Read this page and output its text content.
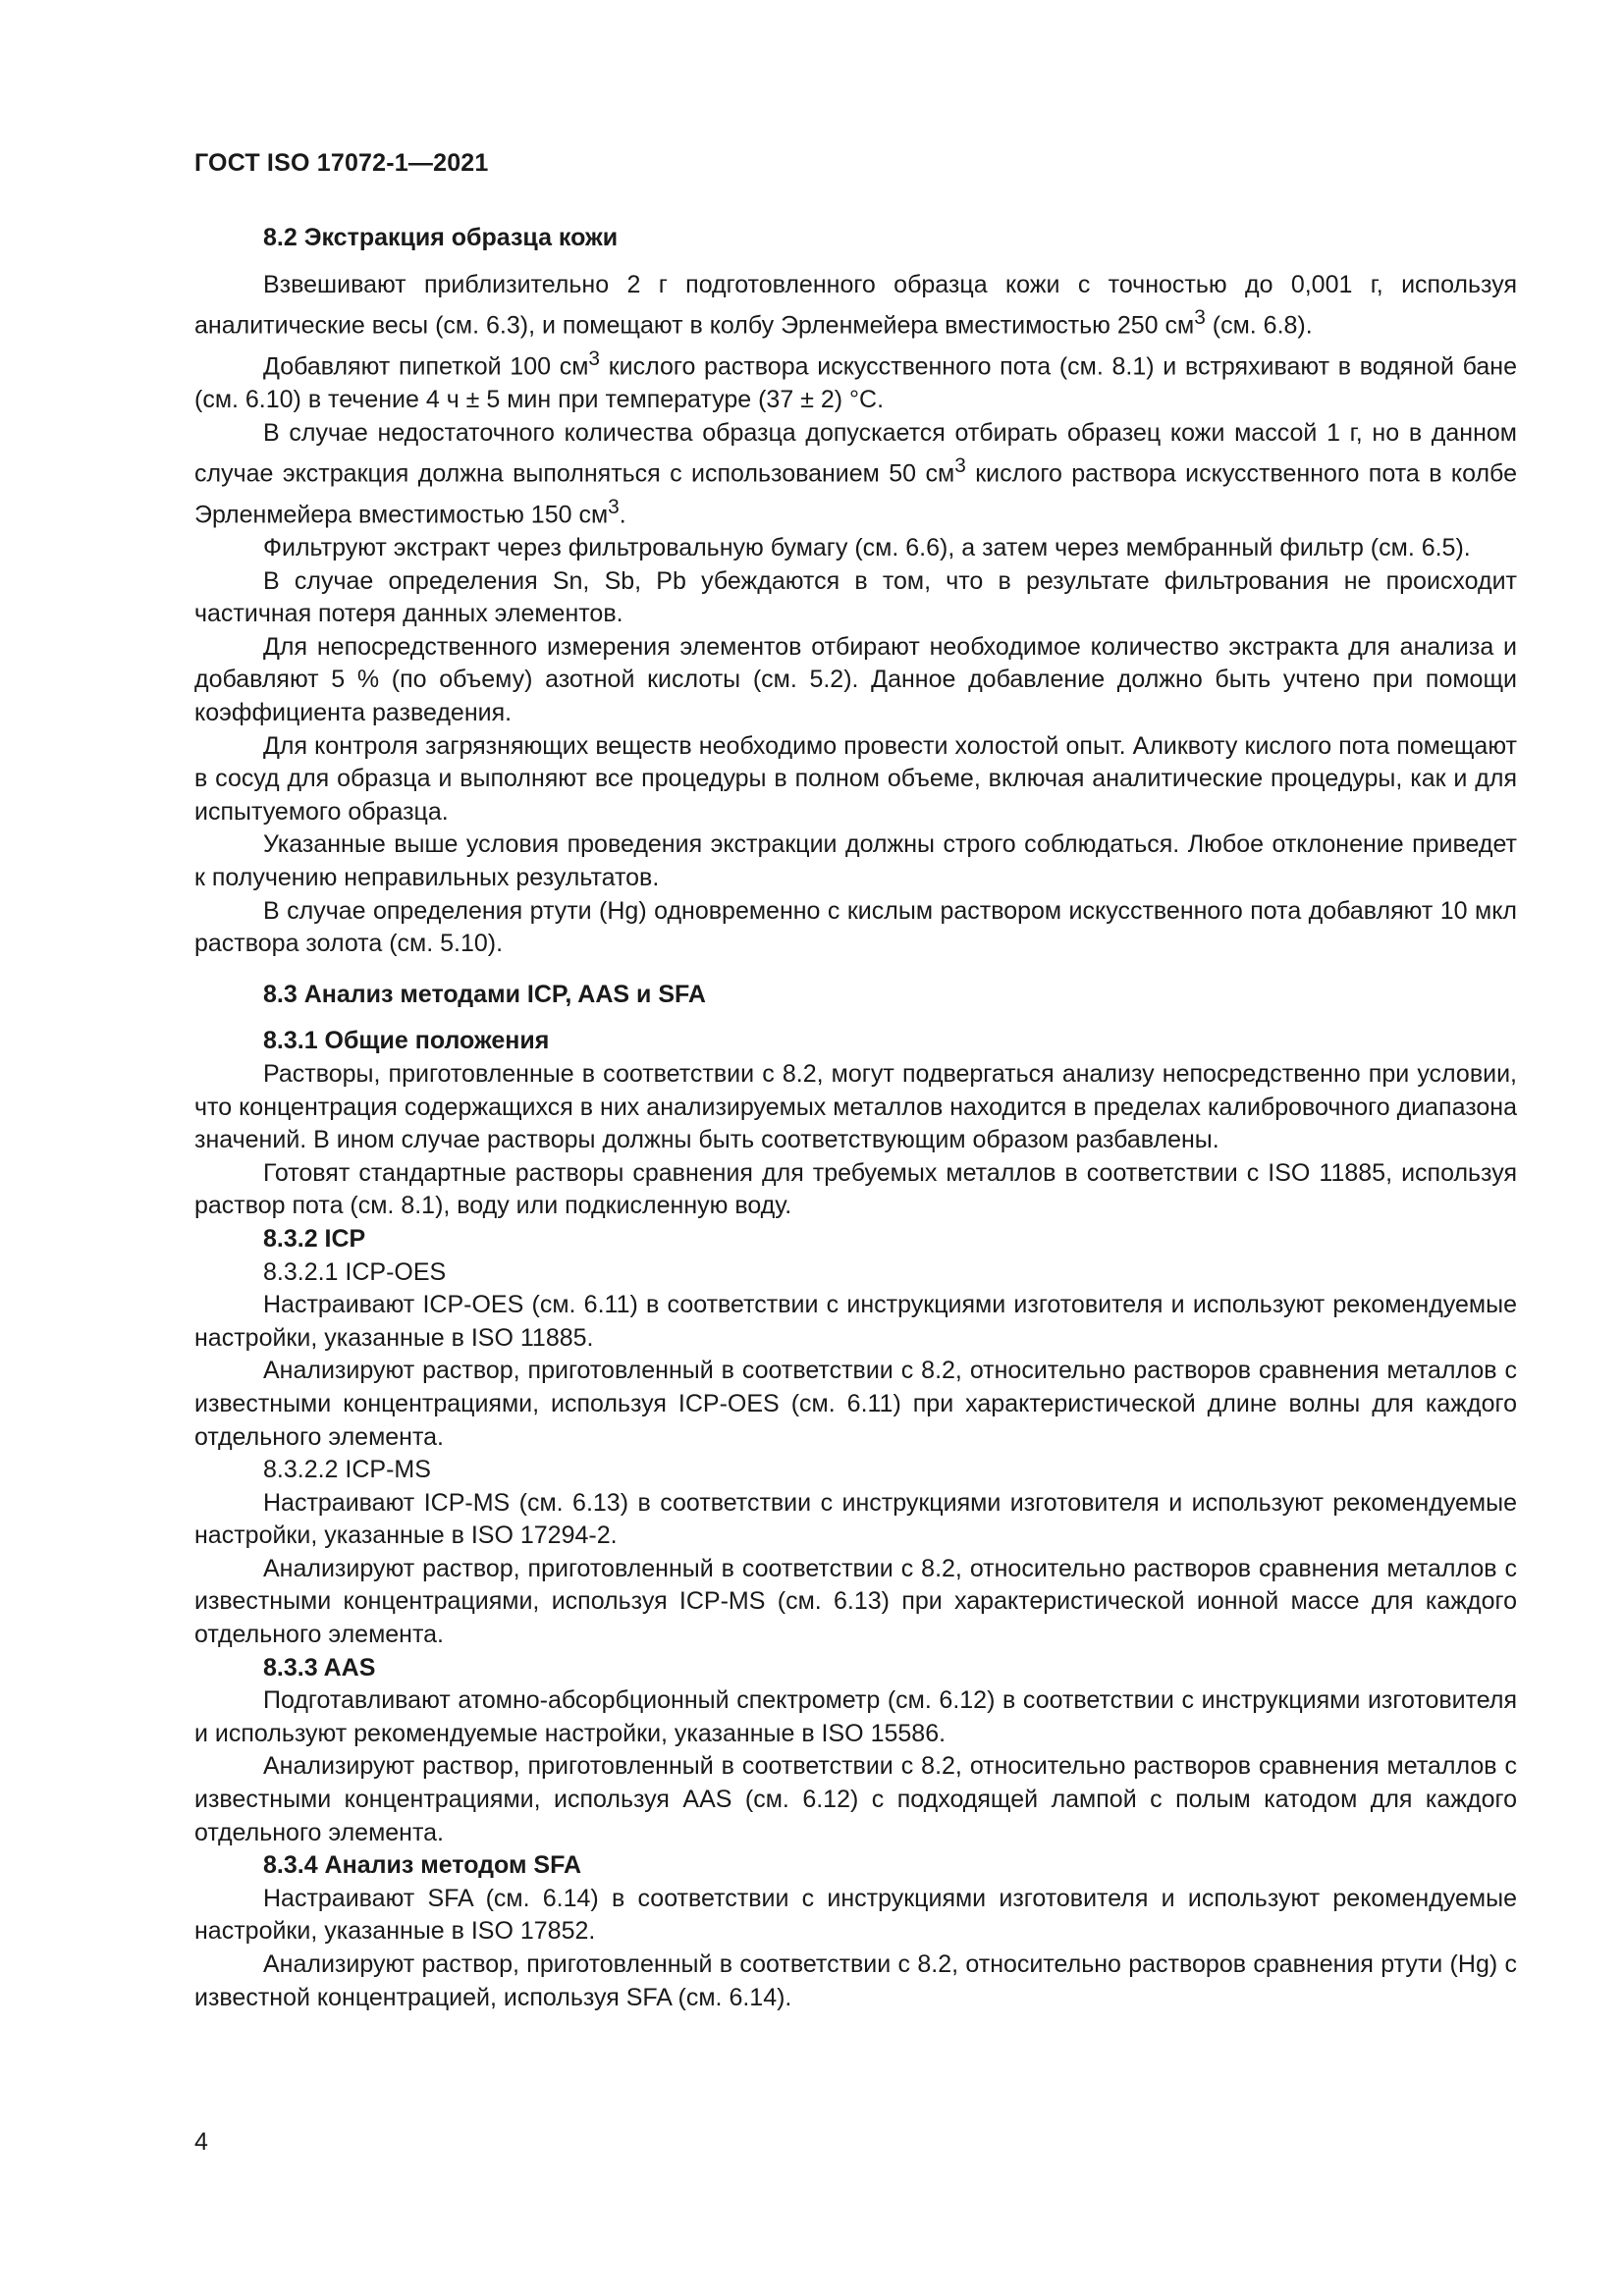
ГОСТ ISO 17072-1—2021
8.2 Экстракция образца кожи

Взвешивают приблизительно 2 г подготовленного образца кожи с точностью до 0,001 г, используя аналитические весы (см. 6.3), и помещают в колбу Эрленмейера вместимостью 250 $см^3$ (см. 6.8).

Добавляют пипеткой 100 $см^3$ кислого раствора искусственного пота (см. 8.1) и встряхивают в водяной бане (см. 6.10) в течение 4 ч ± 5 мин при температуре (37 ± 2) °С.

В случае недостаточного количества образца допускается отбирать образец кожи массой 1 г, но в данном случае экстракция должна выполняться с использованием 50 $см^3$ кислого раствора искусственного пота в колбе Эрленмейера вместимостью 150 $см^3$.

Фильтруют экстракт через фильтровальную бумагу (см. 6.6), а затем через мембранный фильтр (см. 6.5).

В случае определения Sn, Sb, Pb убеждаются в том, что в результате фильтрования не происходит частичная потеря данных элементов.

Для непосредственного измерения элементов отбирают необходимое количество экстракта для анализа и добавляют 5 % (по объему) азотной кислоты (см. 5.2). Данное добавление должно быть учтено при помощи коэффициента разведения.

Для контроля загрязняющих веществ необходимо провести холостой опыт. Аликвоту кислого пота помещают в сосуд для образца и выполняют все процедуры в полном объеме, включая аналитические процедуры, как и для испытуемого образца.

Указанные выше условия проведения экстракции должны строго соблюдаться. Любое отклонение приведет к получению неправильных результатов.

В случае определения ртути (Hg) одновременно с кислым раствором искусственного пота добавляют 10 мкл раствора золота (см. 5.10).

8.3 Анализ методами ICP, AAS и SFA
8.3.1 Общие положения

Растворы, приготовленные в соответствии с 8.2, могут подвергаться анализу непосредственно при условии, что концентрация содержащихся в них анализируемых металлов находится в пределах калибровочного диапазона значений. В ином случае растворы должны быть соответствующим образом разбавлены.

Готовят стандартные растворы сравнения для требуемых металлов в соответствии с ISO 11885, используя раствор пота (см. 8.1), воду или подкисленную воду.

8.3.2 ICP
8.3.2.1 ICP-OES

Настраивают ICP-OES (см. 6.11) в соответствии с инструкциями изготовителя и используют рекомендуемые настройки, указанные в ISO 11885.

Анализируют раствор, приготовленный в соответствии с 8.2, относительно растворов сравнения металлов с известными концентрациями, используя ICP-OES (см. 6.11) при характеристической длине волны для каждого отдельного элемента.

8.3.2.2 ICP-MS

Настраивают ICP-MS (см. 6.13) в соответствии с инструкциями изготовителя и используют рекомендуемые настройки, указанные в ISO 17294-2.

Анализируют раствор, приготовленный в соответствии с 8.2, относительно растворов сравнения металлов с известными концентрациями, используя ICP-MS (см. 6.13) при характеристической ионной массе для каждого отдельного элемента.

8.3.3 AAS

Подготавливают атомно-абсорбционный спектрометр (см. 6.12) в соответствии с инструкциями изготовителя и используют рекомендуемые настройки, указанные в ISO 15586.

Анализируют раствор, приготовленный в соответствии с 8.2, относительно растворов сравнения металлов с известными концентрациями, используя AAS (см. 6.12) с подходящей лампой с полым катодом для каждого отдельного элемента.

8.3.4 Анализ методом SFA

Настраивают SFA (см. 6.14) в соответствии с инструкциями изготовителя и используют рекомендуемые настройки, указанные в ISO 17852.

Анализируют раствор, приготовленный в соответствии с 8.2, относительно растворов сравнения ртути (Hg) с известной концентрацией, используя SFA (см. 6.14).

4
